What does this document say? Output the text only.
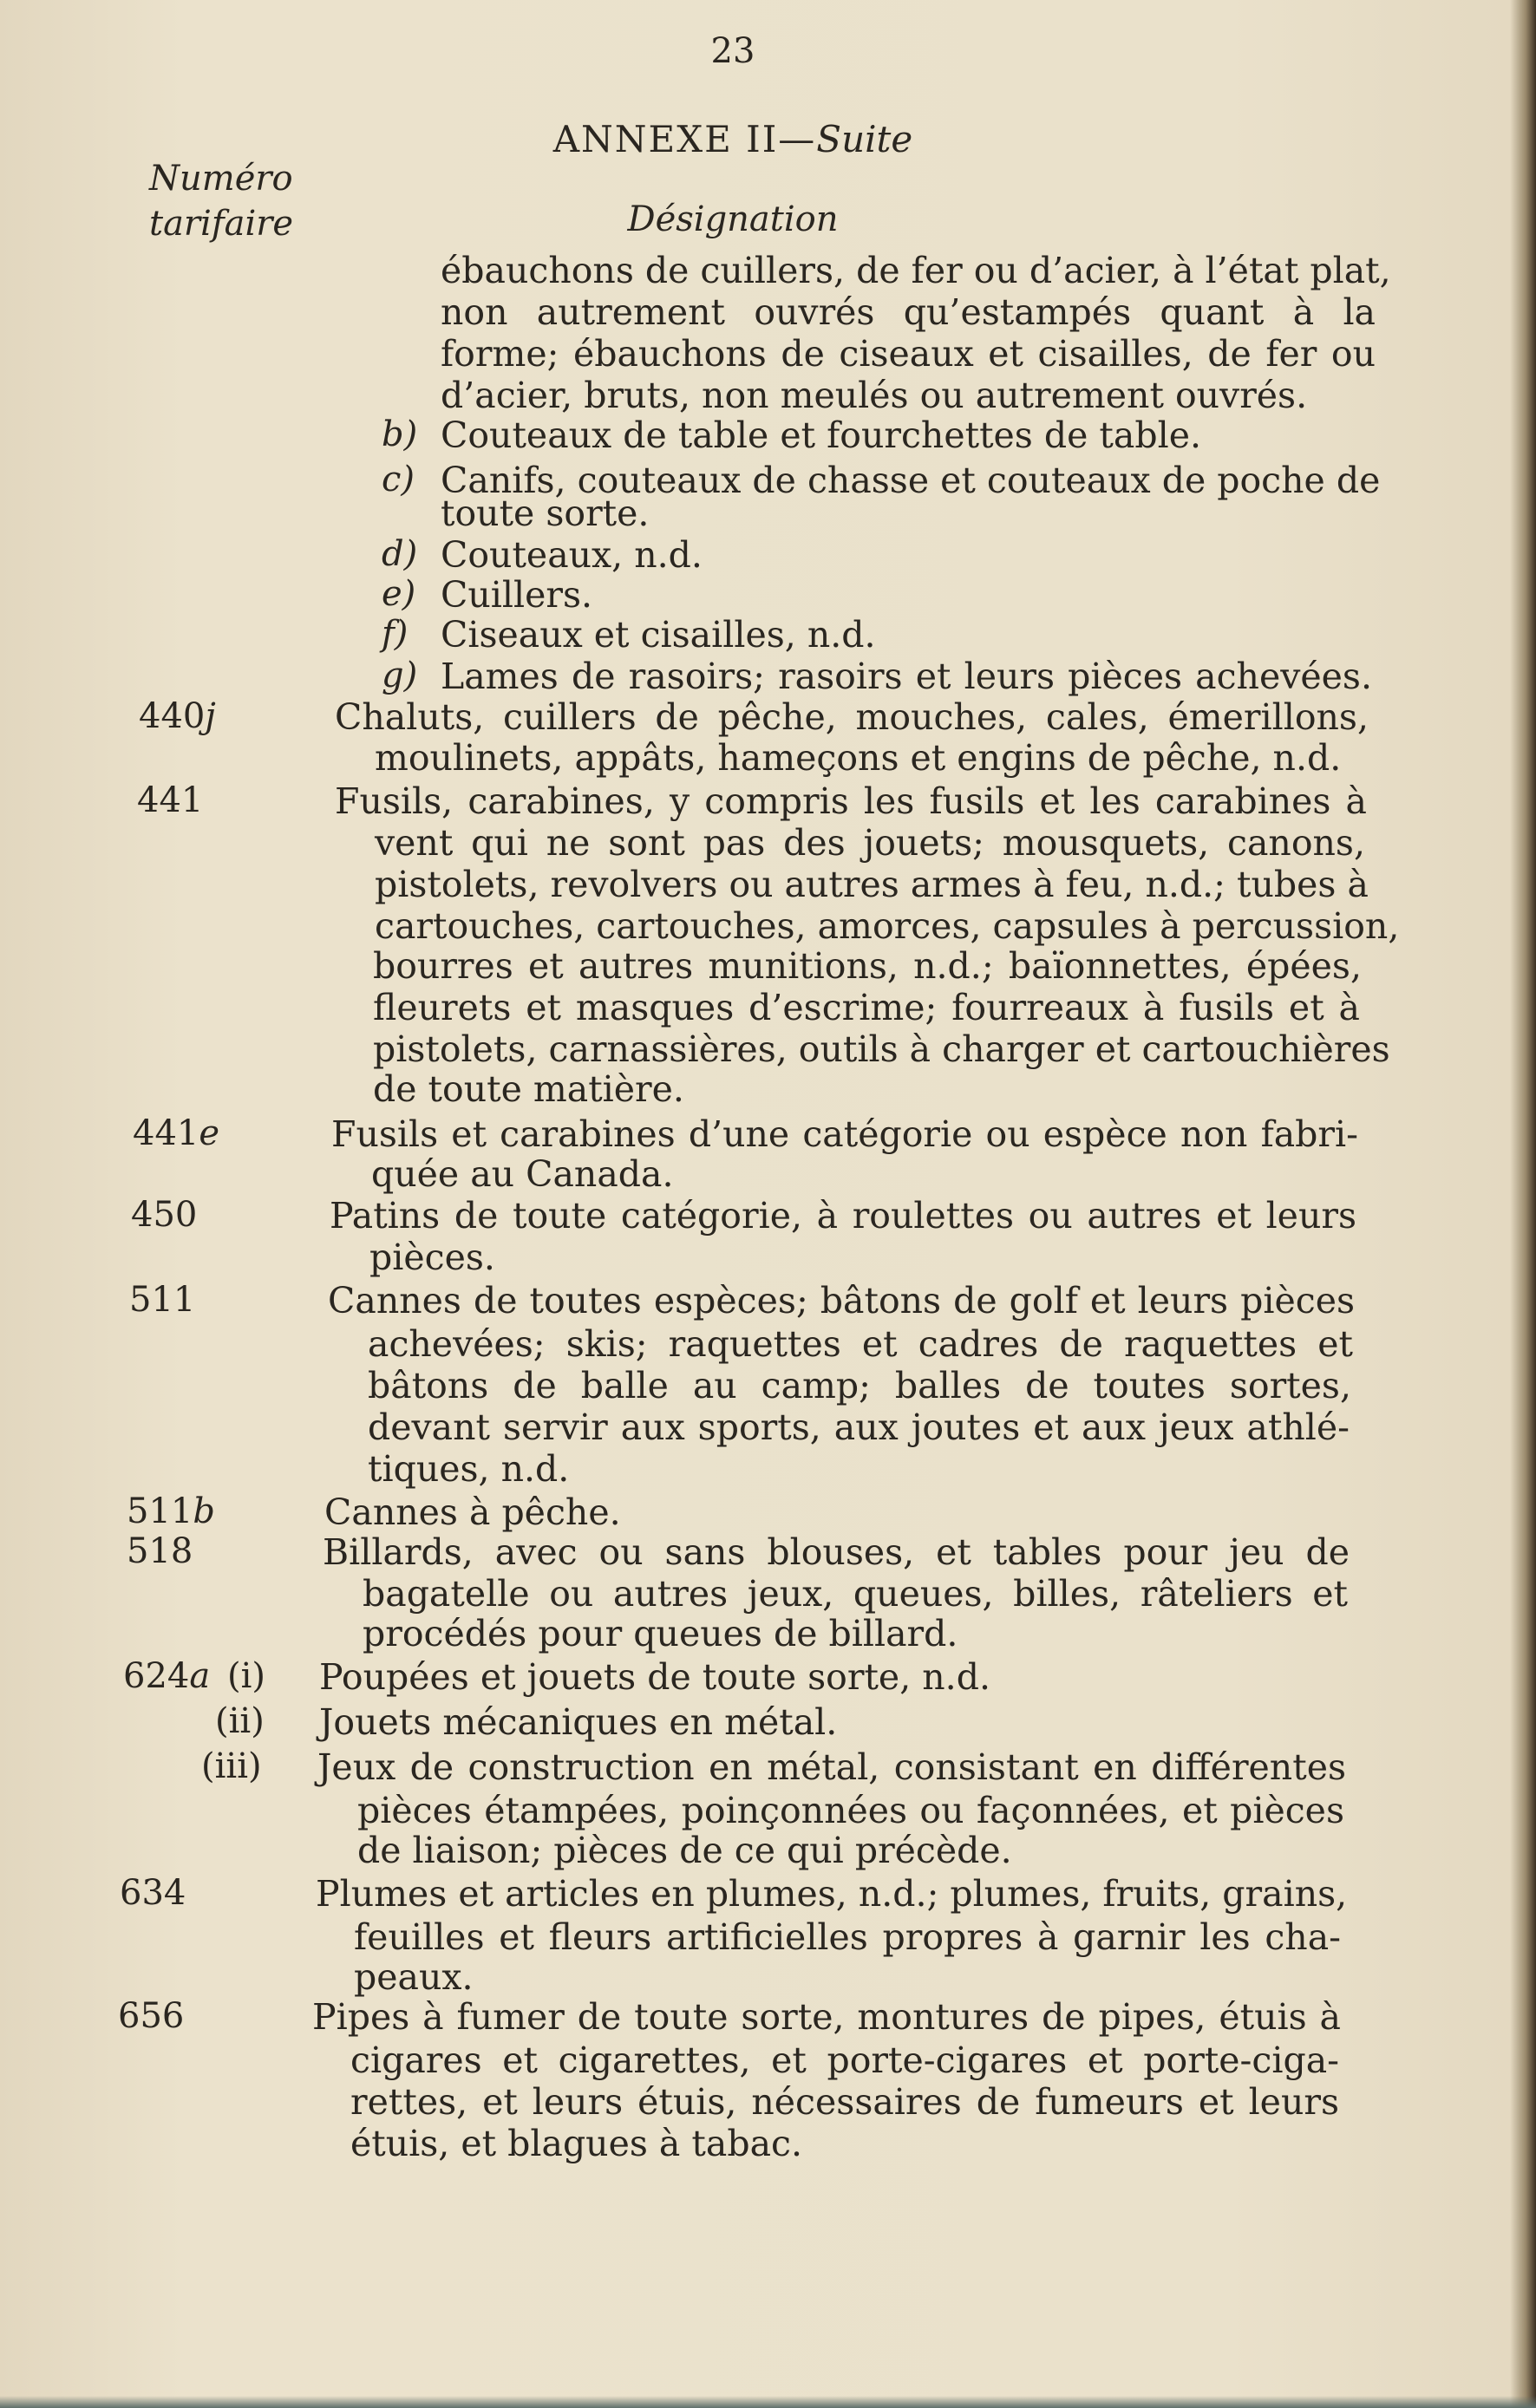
23
ANNEXE II—Suite
Numéro
tarifaire	Désignation
b)
c)
d)
e)
f)
g)
440j
441
441e
450
511
511b
518
624a (i)
(ii)
(iii)
634
656
ébauchons de cuillers, de fer ou d’acier, à l’état plat,
non autrement ouvrés qu’estampés quant à la
forme; ébauchons de ciseaux et cisailles, de fer ou
d’acier, bruts, non meulés ou autrement ouvrés.
Couteaux de table et fourchettes de table.
Canifs, couteaux de chasse et couteaux de poche de
toute sorte.
Couteaux, n.d.
Cuillers.
Ciseaux et cisailles, n.d.
Lames de rasoirs; rasoirs et leurs pièces achevées.
Chaluts, cuillers de pêche, mouches, cales, émerillons,
moulinets, appâts, hameçons et engins de pêche, n.d.
Fusils, carabines, y compris les fusils et les carabines à
vent qui ne sont pas des jouets; mousquets, canons,
pistolets, revolvers ou autres armes à feu, n.d.; tubes à
cartouches, cartouches, amorces, capsules à percussion,
bourres et autres munitions, n.d.; baïonnettes, épées,
fleurets et masques d’escrime; fourreaux à fusils et à
pistolets, carnassières, outils à charger et cartouchières
de toute matière.
Fusils et carabines d’une catégorie ou espèce non fabri-
quée au Canada.
Patins de toute catégorie, à roulettes ou autres et leurs
pièces.
Cannes de toutes espèces; bâtons de golf et leurs pièces
achevées; skis; raquettes et cadres de raquettes et
bâtons de balle au camp; balles de toutes sortes,
devant servir aux sports, aux joutes et aux jeux athlé-
tiques, n.d.
Cannes à pêche.
Billards, avec ou sans blouses, et tables pour jeu de
bagatelle ou autres jeux, queues, billes, râteliers et
procédés pour queues de billard.
Poupées et jouets de toute sorte, n.d.
Jouets mécaniques en métal.
Jeux de construction en métal, consistant en différentes
pièces étampées, poinçonnées ou façonnées, et pièces
de liaison; pièces de ce qui précède.
Plumes et articles en plumes, n.d.; plumes, fruits, grains,
feuilles et fleurs artificielles propres à garnir les cha-
peaux.
Pipes à fumer de toute sorte, montures de pipes, étuis à
cigares et cigarettes, et porte-cigares et porte-ciga-
rettes, et leurs étuis, nécessaires de fumeurs et leurs
étuis, et blagues à tabac.
